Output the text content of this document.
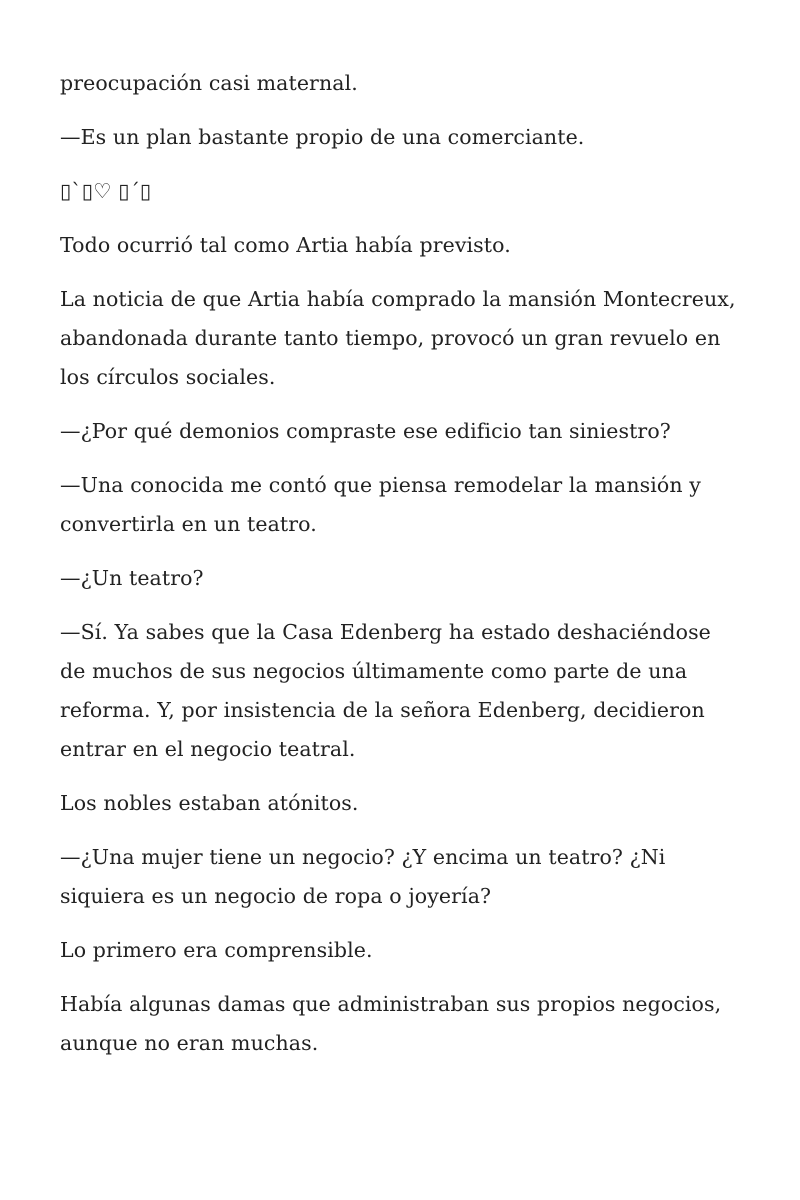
preocupación casi maternal.

—Es un plan bastante propio de una comerciante.

▯`▯♡ ▯´▯

Todo ocurrió tal como Artia había previsto.

La noticia de que Artia había comprado la mansión Montecreux, abandonada durante tanto tiempo, provocó un gran revuelo en los círculos sociales.

—¿Por qué demonios compraste ese edificio tan siniestro?

—Una conocida me contó que piensa remodelar la mansión y convertirla en un teatro.

—¿Un teatro?

—Sí. Ya sabes que la Casa Edenberg ha estado deshaciéndose de muchos de sus negocios últimamente como parte de una reforma. Y, por insistencia de la señora Edenberg, decidieron entrar en el negocio teatral.

Los nobles estaban atónitos.

—¿Una mujer tiene un negocio? ¿Y encima un teatro? ¿Ni siquiera es un negocio de ropa o joyería?

Lo primero era comprensible.

Había algunas damas que administraban sus propios negocios, aunque no eran muchas.
